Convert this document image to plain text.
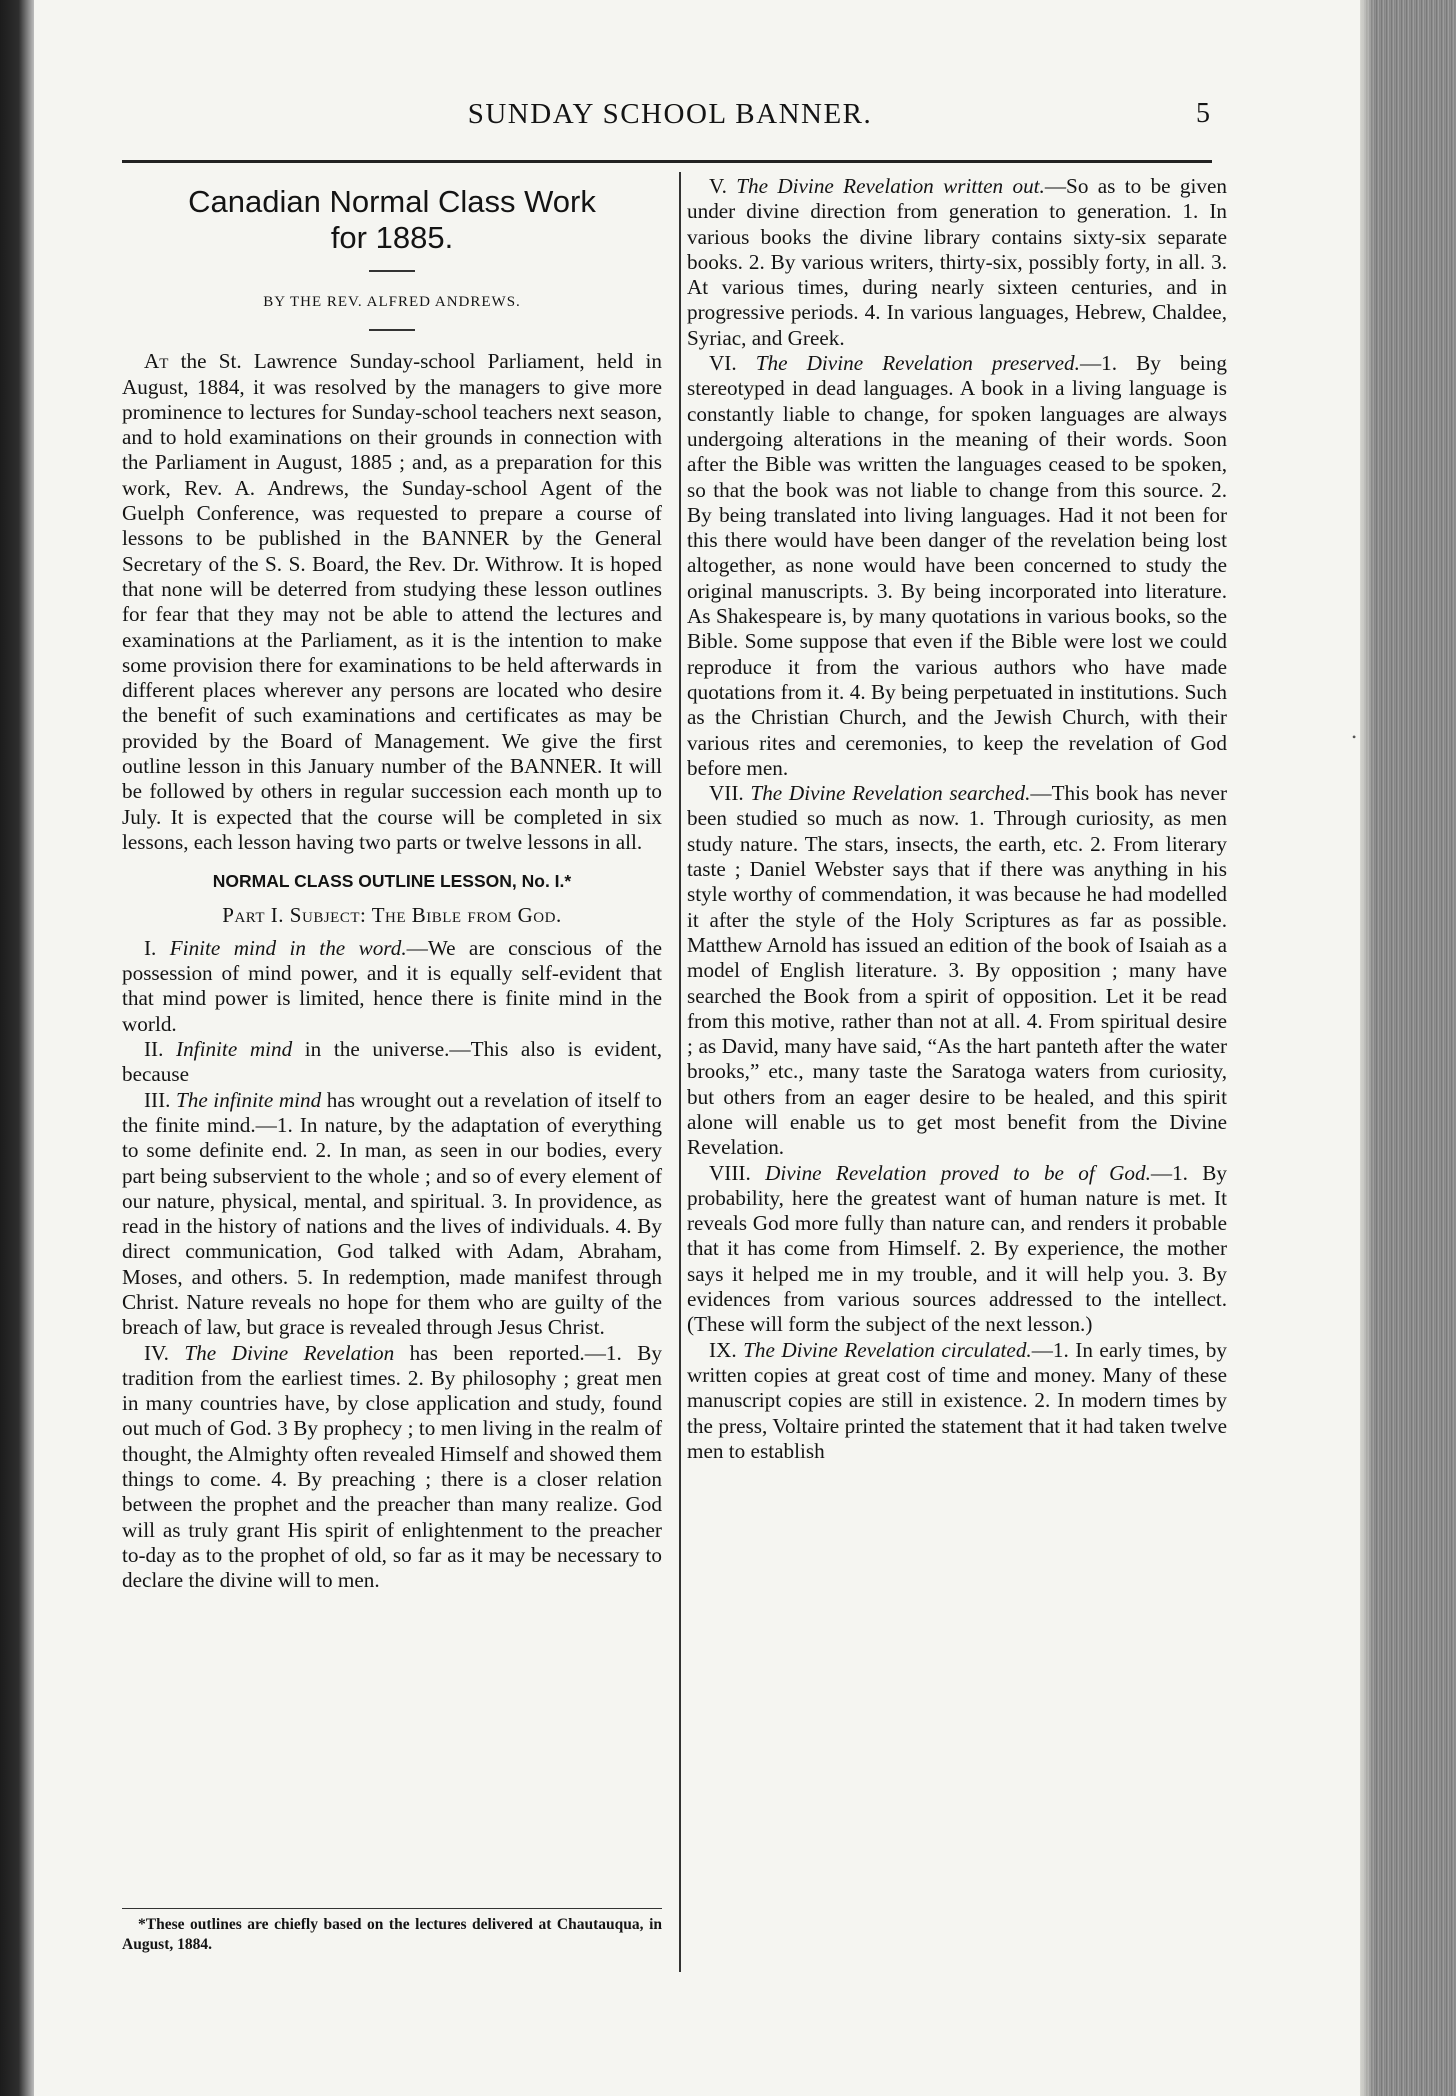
SUNDAY SCHOOL BANNER.	5
•
Canadian Normal Class Work
for 1885.
BY THE REV. ALFRED ANDREWS.

At the St. Lawrence Sunday-school Parliament, held in August, 1884, it was resolved by the managers to give more prominence to lectures for Sunday-school teachers next season, and to hold examinations on their grounds in connection with the Parliament in August, 1885 ; and, as a preparation for this work, Rev. A. Andrews, the Sunday-school Agent of the Guelph Conference, was requested to prepare a course of lessons to be published in the BANNER by the General Secretary of the S. S. Board, the Rev. Dr. Withrow. It is hoped that none will be deterred from studying these lesson outlines for fear that they may not be able to attend the lectures and examinations at the Parliament, as it is the intention to make some provision there for examinations to be held afterwards in different places wherever any persons are located who desire the benefit of such examinations and certificates as may be provided by the Board of Management. We give the first outline lesson in this January number of the BANNER. It will be followed by others in regular succession each month up to July. It is expected that the course will be completed in six lessons, each lesson having two parts or twelve lessons in all.

NORMAL CLASS OUTLINE LESSON, No. I.*
Part I. Subject: The Bible from God.

I. Finite mind in the word.—We are conscious of the possession of mind power, and it is equally self-evident that that mind power is limited, hence there is finite mind in the world.

II. Infinite mind in the universe.—This also is evident, because

III. The infinite mind has wrought out a revelation of itself to the finite mind.—1. In nature, by the adaptation of everything to some definite end. 2. In man, as seen in our bodies, every part being subservient to the whole ; and so of every element of our nature, physical, mental, and spiritual. 3. In providence, as read in the history of nations and the lives of individuals. 4. By direct communication, God talked with Adam, Abraham, Moses, and others. 5. In redemption, made manifest through Christ. Nature reveals no hope for them who are guilty of the breach of law, but grace is revealed through Jesus Christ.

IV. The Divine Revelation has been reported.—1. By tradition from the earliest times. 2. By philosophy ; great men in many countries have, by close application and study, found out much of God. 3 By prophecy ; to men living in the realm of thought, the Almighty often revealed Himself and showed them things to come. 4. By preaching ; there is a closer relation between the prophet and the preacher than many realize. God will as truly grant His spirit of enlightenment to the preacher to-day as to the prophet of old, so far as it may be necessary to declare the divine will to men.

V. The Divine Revelation written out.—So as to be given under divine direction from generation to generation. 1. In various books the divine library contains sixty-six separate books. 2. By various writers, thirty-six, possibly forty, in all. 3. At various times, during nearly sixteen centuries, and in progressive periods. 4. In various languages, Hebrew, Chaldee, Syriac, and Greek.

VI. The Divine Revelation preserved.—1. By being stereotyped in dead languages. A book in a living language is constantly liable to change, for spoken languages are always undergoing alterations in the meaning of their words. Soon after the Bible was written the languages ceased to be spoken, so that the book was not liable to change from this source. 2. By being translated into living languages. Had it not been for this there would have been danger of the revelation being lost altogether, as none would have been concerned to study the original manuscripts. 3. By being incorporated into literature. As Shakespeare is, by many quotations in various books, so the Bible. Some suppose that even if the Bible were lost we could reproduce it from the various authors who have made quotations from it. 4. By being perpetuated in institutions. Such as the Christian Church, and the Jewish Church, with their various rites and ceremonies, to keep the revelation of God before men.

VII. The Divine Revelation searched.—This book has never been studied so much as now. 1. Through curiosity, as men study nature. The stars, insects, the earth, etc. 2. From literary taste ; Daniel Webster says that if there was anything in his style worthy of commendation, it was because he had modelled it after the style of the Holy Scriptures as far as possible. Matthew Arnold has issued an edition of the book of Isaiah as a model of English literature. 3. By opposition ; many have searched the Book from a spirit of opposition. Let it be read from this motive, rather than not at all. 4. From spiritual desire ; as David, many have said, “As the hart panteth after the water brooks,” etc., many taste the Saratoga waters from curiosity, but others from an eager desire to be healed, and this spirit alone will enable us to get most benefit from the Divine Revelation.

VIII. Divine Revelation proved to be of God.—1. By probability, here the greatest want of human nature is met. It reveals God more fully than nature can, and renders it probable that it has come from Himself. 2. By experience, the mother says it helped me in my trouble, and it will help you. 3. By evidences from various sources addressed to the intellect. (These will form the subject of the next lesson.)

IX. The Divine Revelation circulated.—1. In early times, by written copies at great cost of time and money. Many of these manuscript copies are still in existence. 2. In modern times by the press, Voltaire printed the statement that it had taken twelve men to establish

*These outlines are chiefly based on the lectures delivered at Chautauqua, in August, 1884.
